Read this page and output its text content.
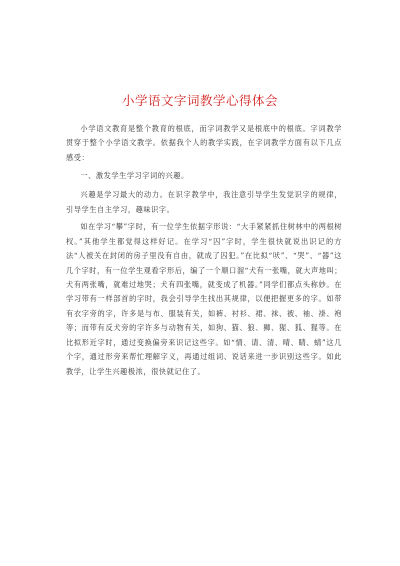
小学语文字词教学心得体会

小学语文教育是整个教育的根底，而字词教学又是根底中的根底。字词教学贯穿于整个小学语文教学。依据我个人的教学实践，在字词教学方面有以下几点感受：

一、激发学生学习字词的兴趣。

兴趣是学习最大的动力。在识字教学中，我注意引导学生发觉识字的规律，引导学生自主学习，趣味识字。

如在学习“攀”字时，有一位学生依据字形说：“大手紧紧抓住树林中的两根树杈。”其他学生都觉得这样好记。在学习“囚”字时，学生很快就说出识记的方法“人被关在封闭的房子里没有自由，就成了囚犯。”在比拟“吠”、“哭”、“器”这几个字时，有一位学生观看字形后，编了一个顺口溜“犬有一张嘴，就大声地叫；犬有两张嘴，就难过地哭；犬有四张嘴，就变成了机器。”同学们都点头称妙。在学习带有一样部首的字时，我会引导学生找出其规律，以便把握更多的字。如带有衣字旁的字，许多是与布、服装有关，如裤、衬衫、裙、袜、被、袖、褂、袍等；而带有反犬旁的字许多与动物有关，如狗、猫、狼、狮、猩、狐、猩等。在比拟形近字时，通过变换偏旁来识记这些字。如“情、请、清、晴、睛、蜻”这几个字，通过形旁来帮忙理解字义，再通过组词、说话来进一步识别这些字。如此教学，让学生兴趣极浓，很快就记住了。
